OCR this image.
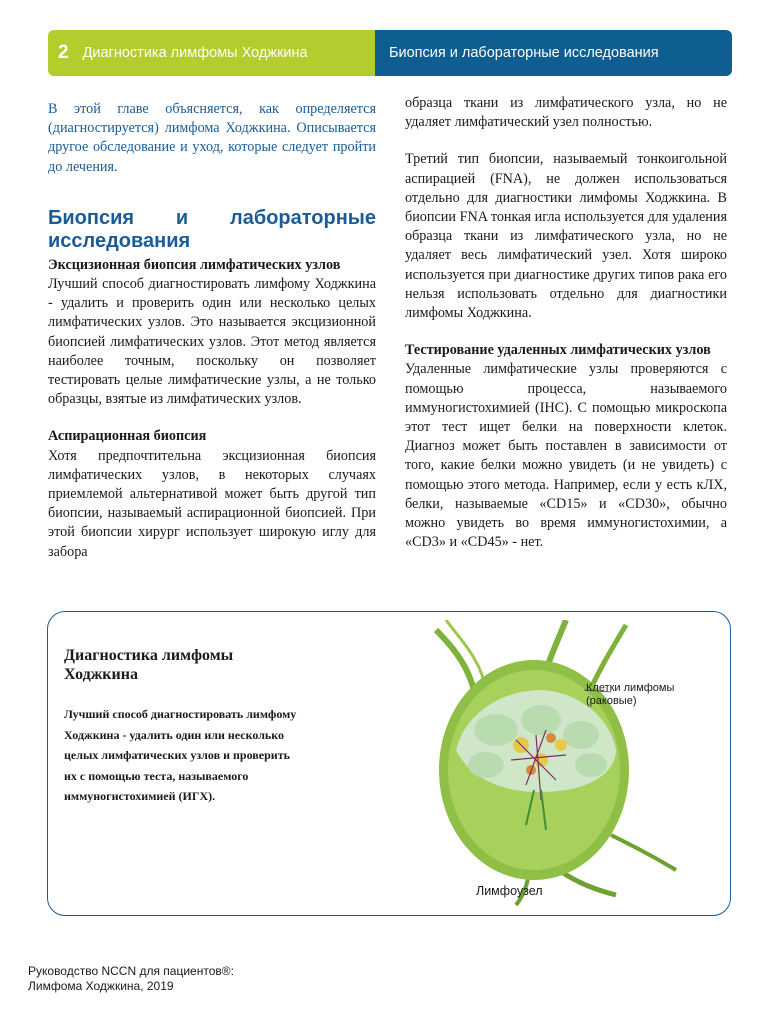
2 Диагностика лимфомы Ходжкина	Биопсия и лабораторные исследования

В этой главе объясняется, как определяется (диагностируется) лимфома Ходжкина. Описывается другое обследование и уход, которые следует пройти до лечения.

Биопсия и лабораторные исследования

Эксцизионная биопсия лимфатических узлов

Лучший способ диагностировать лимфому Ходжкина - удалить и проверить один или несколько целых лимфатических узлов. Это называется эксцизионной биопсией лимфатических узлов. Этот метод является наиболее точным, поскольку он позволяет тестировать целые лимфатические узлы, а не только образцы, взятые из лимфатических узлов.

Аспирационная биопсия

Хотя предпочтительна эксцизионная биопсия лимфатических узлов, в некоторых случаях приемлемой альтернативой может быть другой тип биопсии, называемый аспирационной биопсией. При этой биопсии хирург использует широкую иглу для забора

образца ткани из лимфатического узла, но не удаляет лимфатический узел полностью.

Третий тип биопсии, называемый тонкоигольной аспирацией (FNA), не должен использоваться отдельно для диагностики лимфомы Ходжкина. В биопсии FNA тонкая игла используется для удаления образца ткани из лимфатического узла, но не удаляет весь лимфатический узел. Хотя широко используется при диагностике других типов рака его нельзя использовать отдельно для диагностики лимфомы Ходжкина.

Тестирование удаленных лимфатических узлов

Удаленные лимфатические узлы проверяются с помощью процесса, называемого иммуногистохимией (IHC). С помощью микроскопа этот тест ищет белки на поверхности клеток. Диагноз может быть поставлен в зависимости от того, какие белки можно увидеть (и не увидеть) с помощью этого метода. Например, если у есть кЛХ, белки, называемые «CD15» и «CD30», обычно можно увидеть во время иммуногистохимии, а «CD3» и «CD45» - нет.

Диагностика лимфомы Ходжкина
Лучший способ диагностировать лимфому Ходжкина - удалить один или несколько целых лимфатических узлов и проверить их с помощью теста, называемого иммуногистохимией (ИГХ).
Клетки лимфомы
(раковые)
Лимфоузел
Руководство NCCN для пациентов®:
Лимфома Ходжкина, 2019
